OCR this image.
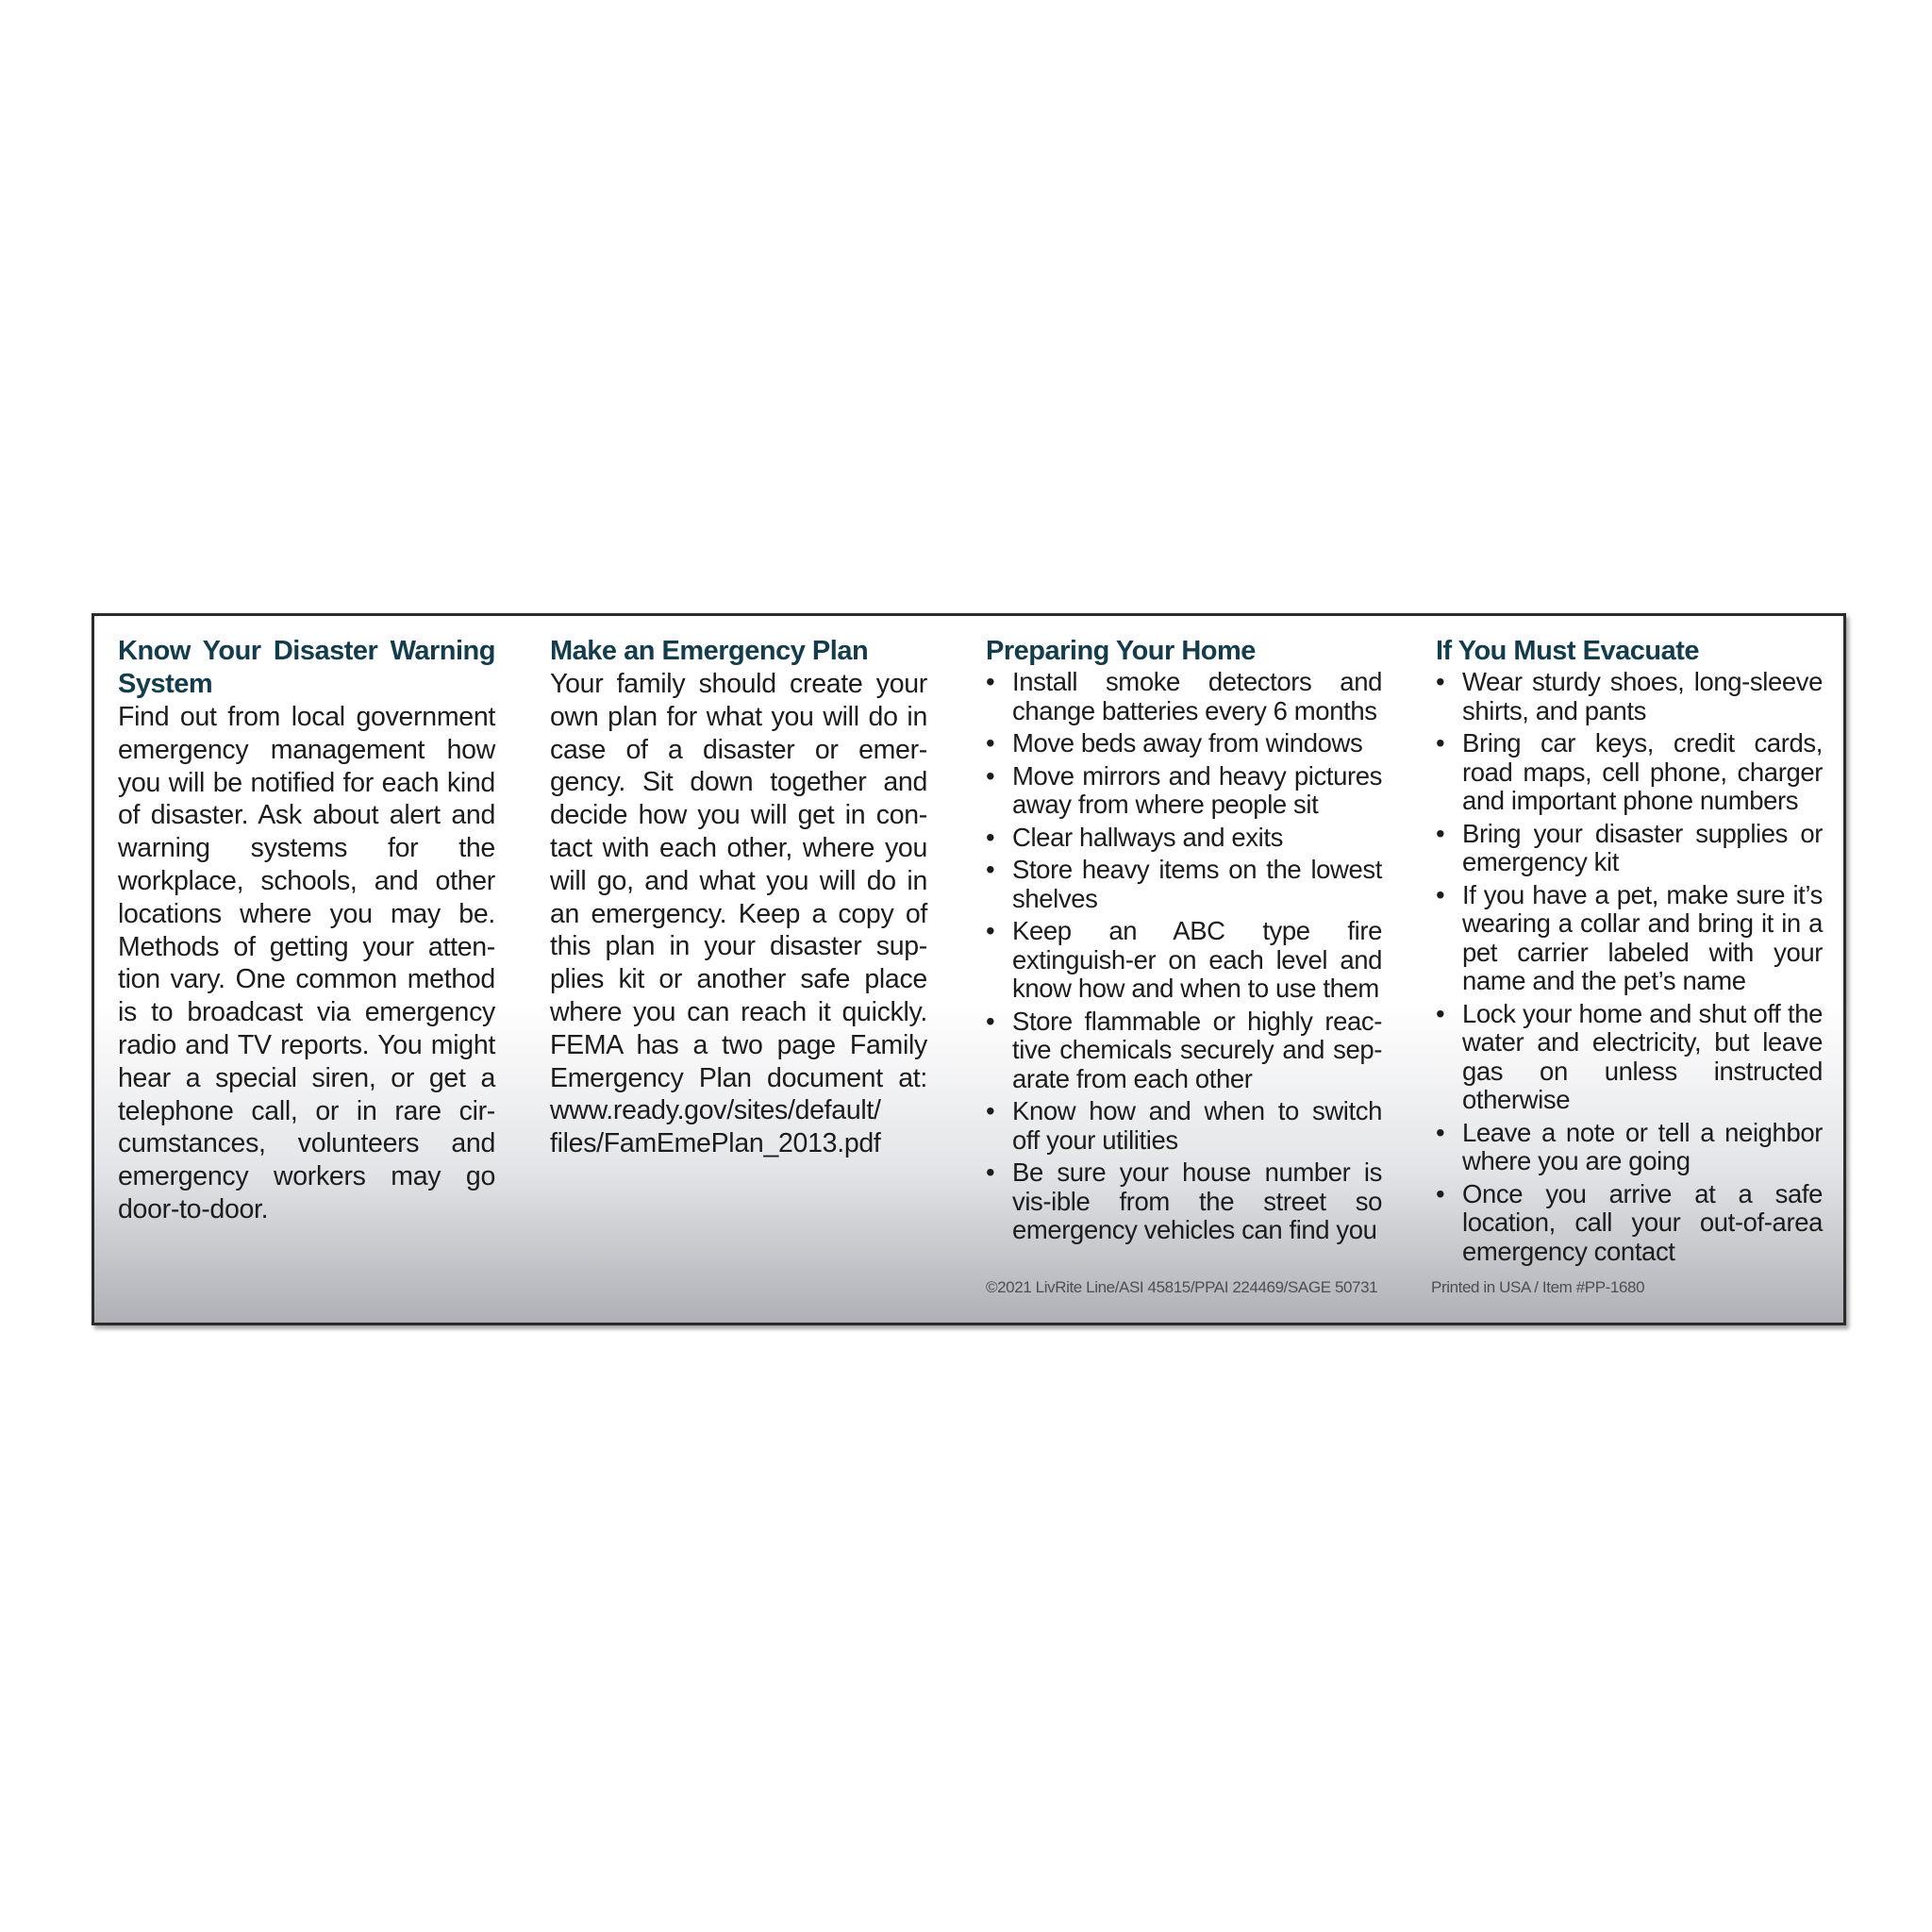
Know Your Disaster Warning System

Find out from local government emergency management how you will be notified for each kind of disaster. Ask about alert and warning systems for the workplace, schools, and other locations where you may be. Methods of getting your atten-tion vary. One common method is to broadcast via emergency radio and TV reports. You might hear a special siren, or get a telephone call, or in rare cir-cumstances, volunteers and emergency workers may go door-to-door.

Make an Emergency Plan

Your family should create your own plan for what you will do in case of a disaster or emer-gency. Sit down together and decide how you will get in con-tact with each other, where you will go, and what you will do in an emergency. Keep a copy of this plan in your disaster sup-plies kit or another safe place where you can reach it quickly. FEMA has a two page Family Emergency Plan document at: www.ready.gov/sites/default/ files/FamEmePlan_2013.pdf

Preparing Your Home
• Install smoke detectors and change batteries every 6 months
• Move beds away from windows
• Move mirrors and heavy pictures away from where people sit
• Clear hallways and exits
• Store heavy items on the lowest shelves
• Keep an ABC type fire extinguish-er on each level and know how and when to use them
• Store flammable or highly reac-tive chemicals securely and sep-arate from each other
• Know how and when to switch off your utilities
• Be sure your house number is vis-ible from the street so emergency vehicles can find you
If You Must Evacuate
• Wear sturdy shoes, long-sleeve shirts, and pants
• Bring car keys, credit cards, road maps, cell phone, charger and important phone numbers
• Bring your disaster supplies or emergency kit
• If you have a pet, make sure it’s wearing a collar and bring it in a pet carrier labeled with your name and the pet’s name
• Lock your home and shut off the water and electricity, but leave gas on unless instructed otherwise
• Leave a note or tell a neighbor where you are going
• Once you arrive at a safe location, call your out-of-area emergency contact
©2021 LivRite Line/ASI 45815/PPAI 224469/SAGE 50731	Printed in USA / Item #PP-1680
